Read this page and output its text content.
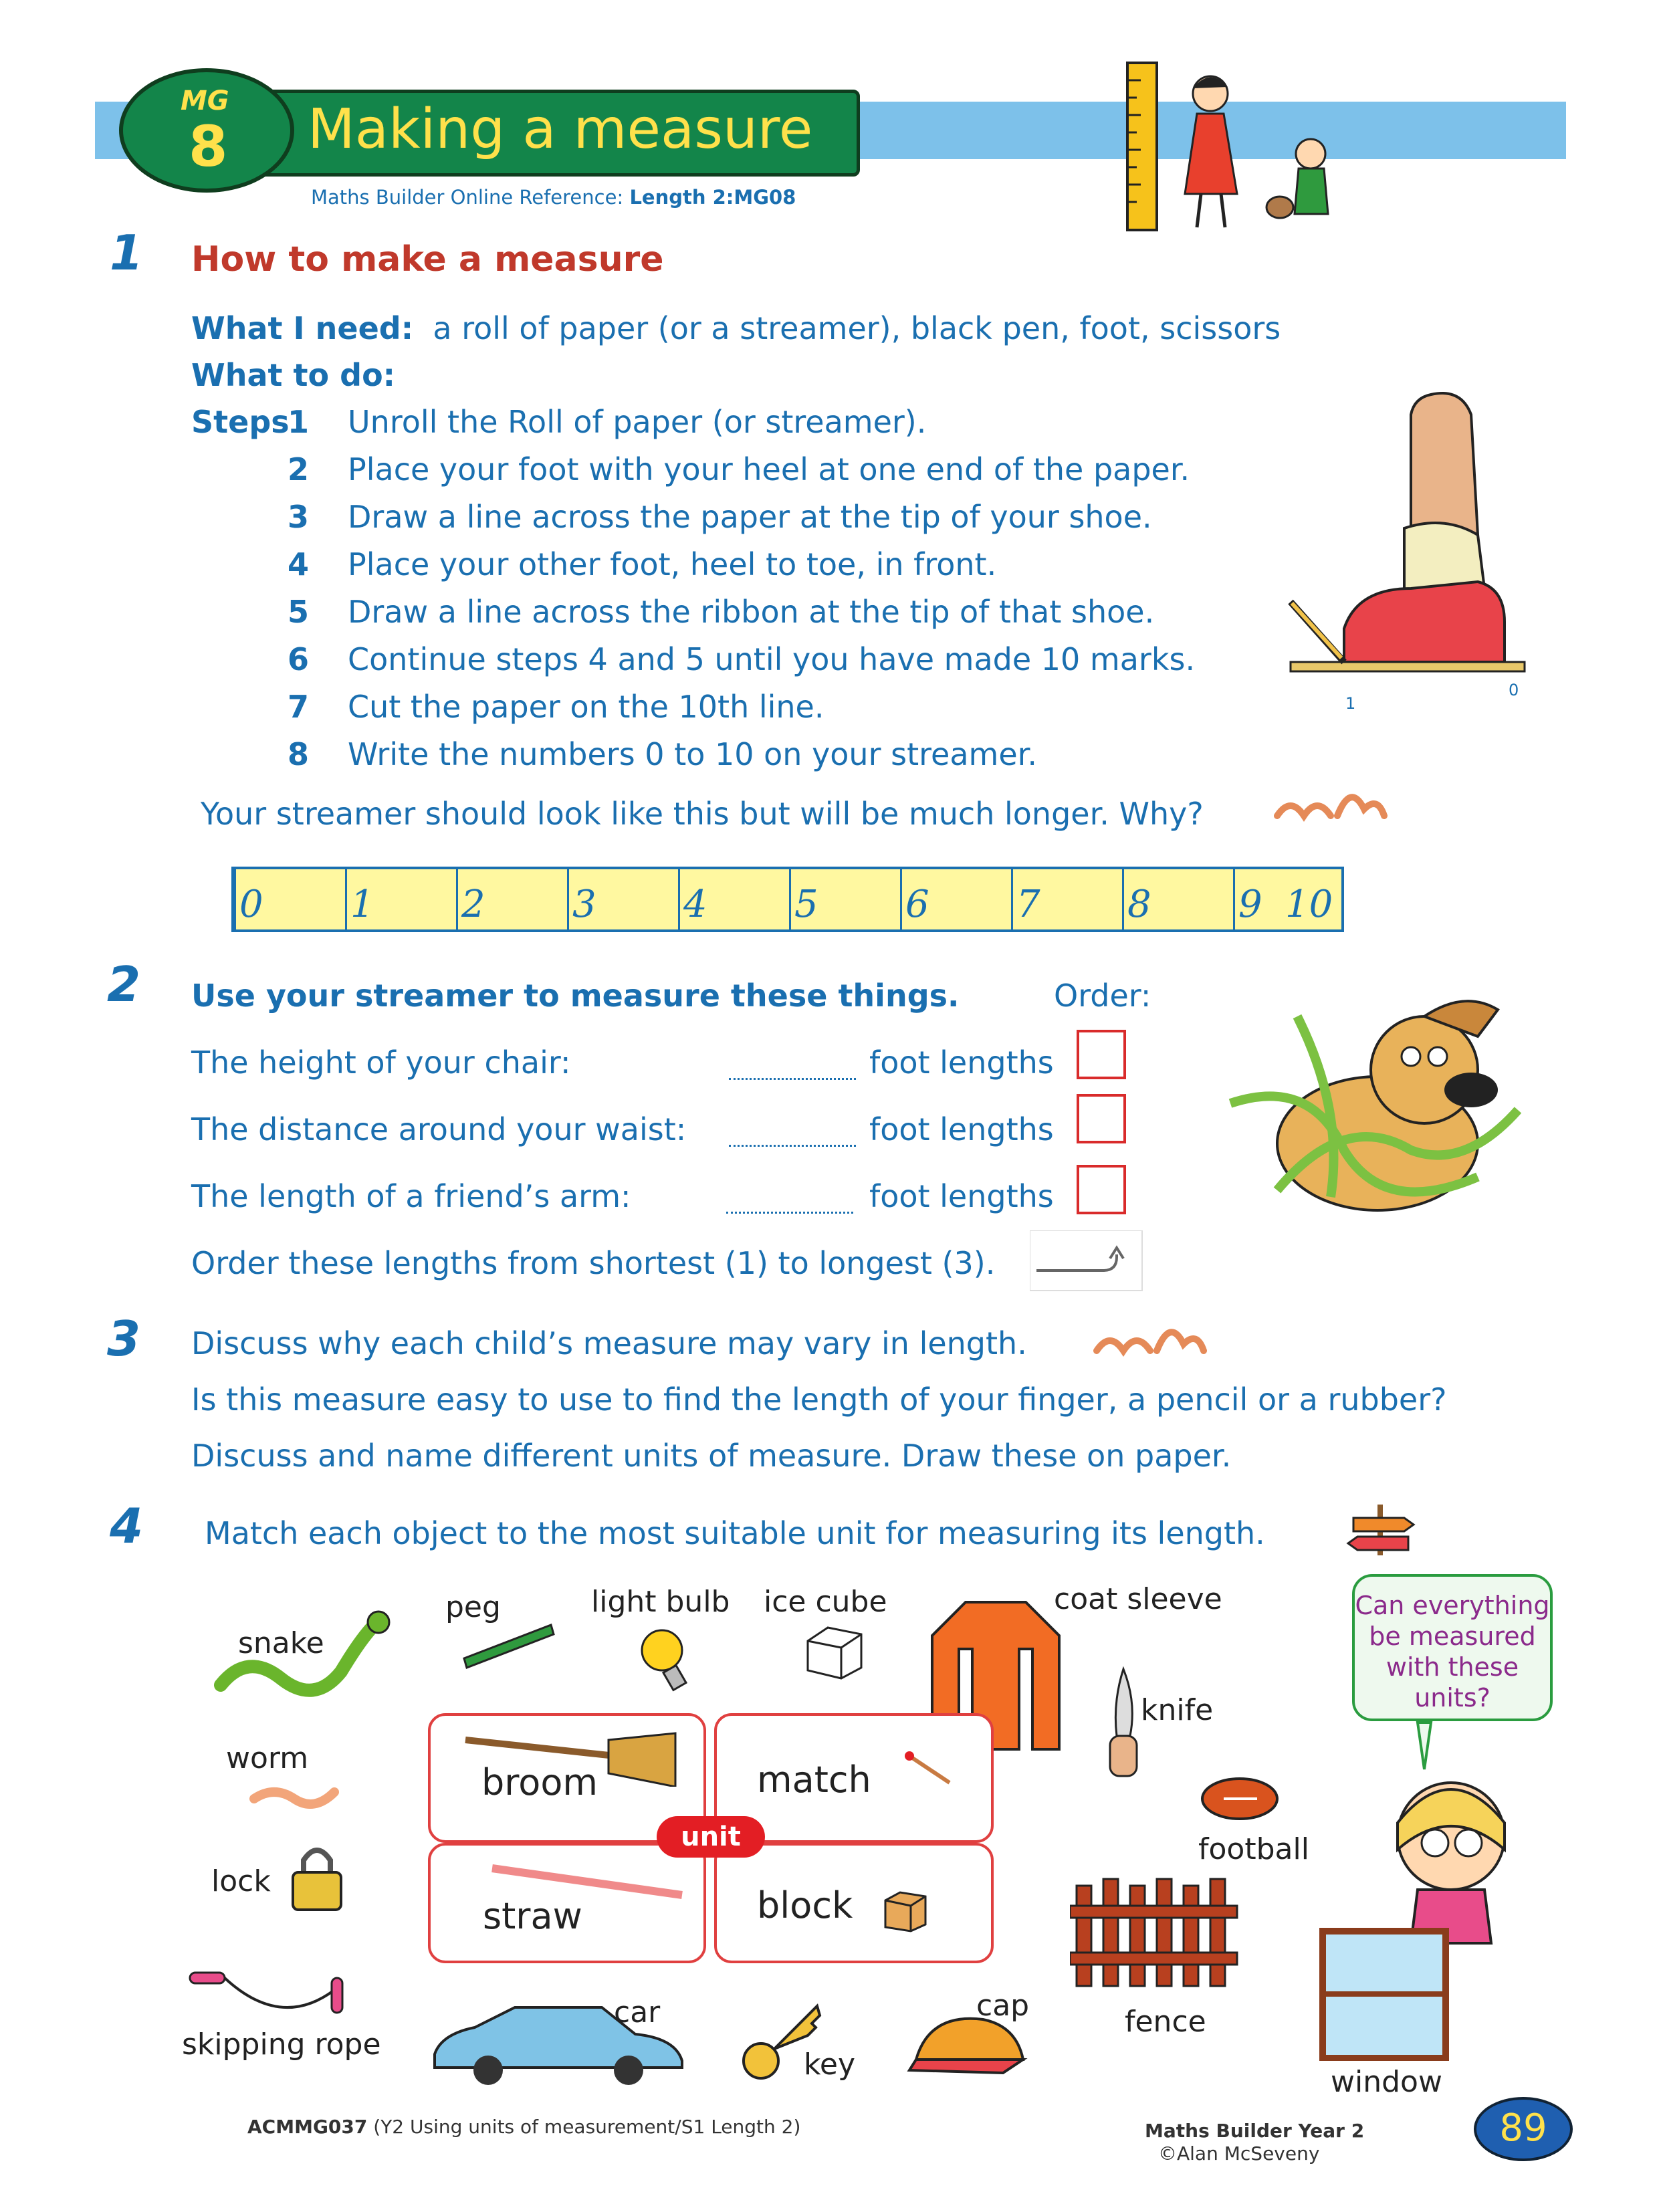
Making a measure
MG
8
Maths Builder Online Reference: Length 2:MG08
1 How to make a measure
What I need: a roll of paper (or a streamer), black pen, foot, scissors
What to do:
Steps
1 Unroll the Roll of paper (or streamer).
2 Place your foot with your heel at one end of the paper.
3 Draw a line across the paper at the tip of your shoe.
4 Place your other foot, heel to toe, in front.
5 Draw a line across the ribbon at the tip of that shoe.
6 Continue steps 4 and 5 until you have made 10 marks.
7 Cut the paper on the 10th line.
8 Write the numbers 0 to 10 on your streamer.
1
0
Your streamer should look like this but will be much longer. Why?
0 1 2 3 4 5 6 7 8 9 10
2 Use your streamer to measure these things.	Order:
The height of your chair:	foot lengths
The distance around your waist:	foot lengths
The length of a friend’s arm:	foot lengths
Order these lengths from shortest (1) to longest (3).
3 Discuss why each child’s measure may vary in length.
Is this measure easy to use to find the length of your finger, a pencil or a rubber?
Discuss and name different units of measure. Draw these on paper.
4 Match each object to the most suitable unit for measuring its length.
snake
peg	light bulb ice cube	coat sleeve
knife
worm
football
lock
broom	match
straw	block
unit
fence
Can everything be measured with these units?
window
skipping rope
car
key
cap
ACMMG037 (Y2 Using units of measurement/S1 Length 2)	Maths Builder Year 2
©Alan McSeveny
89
